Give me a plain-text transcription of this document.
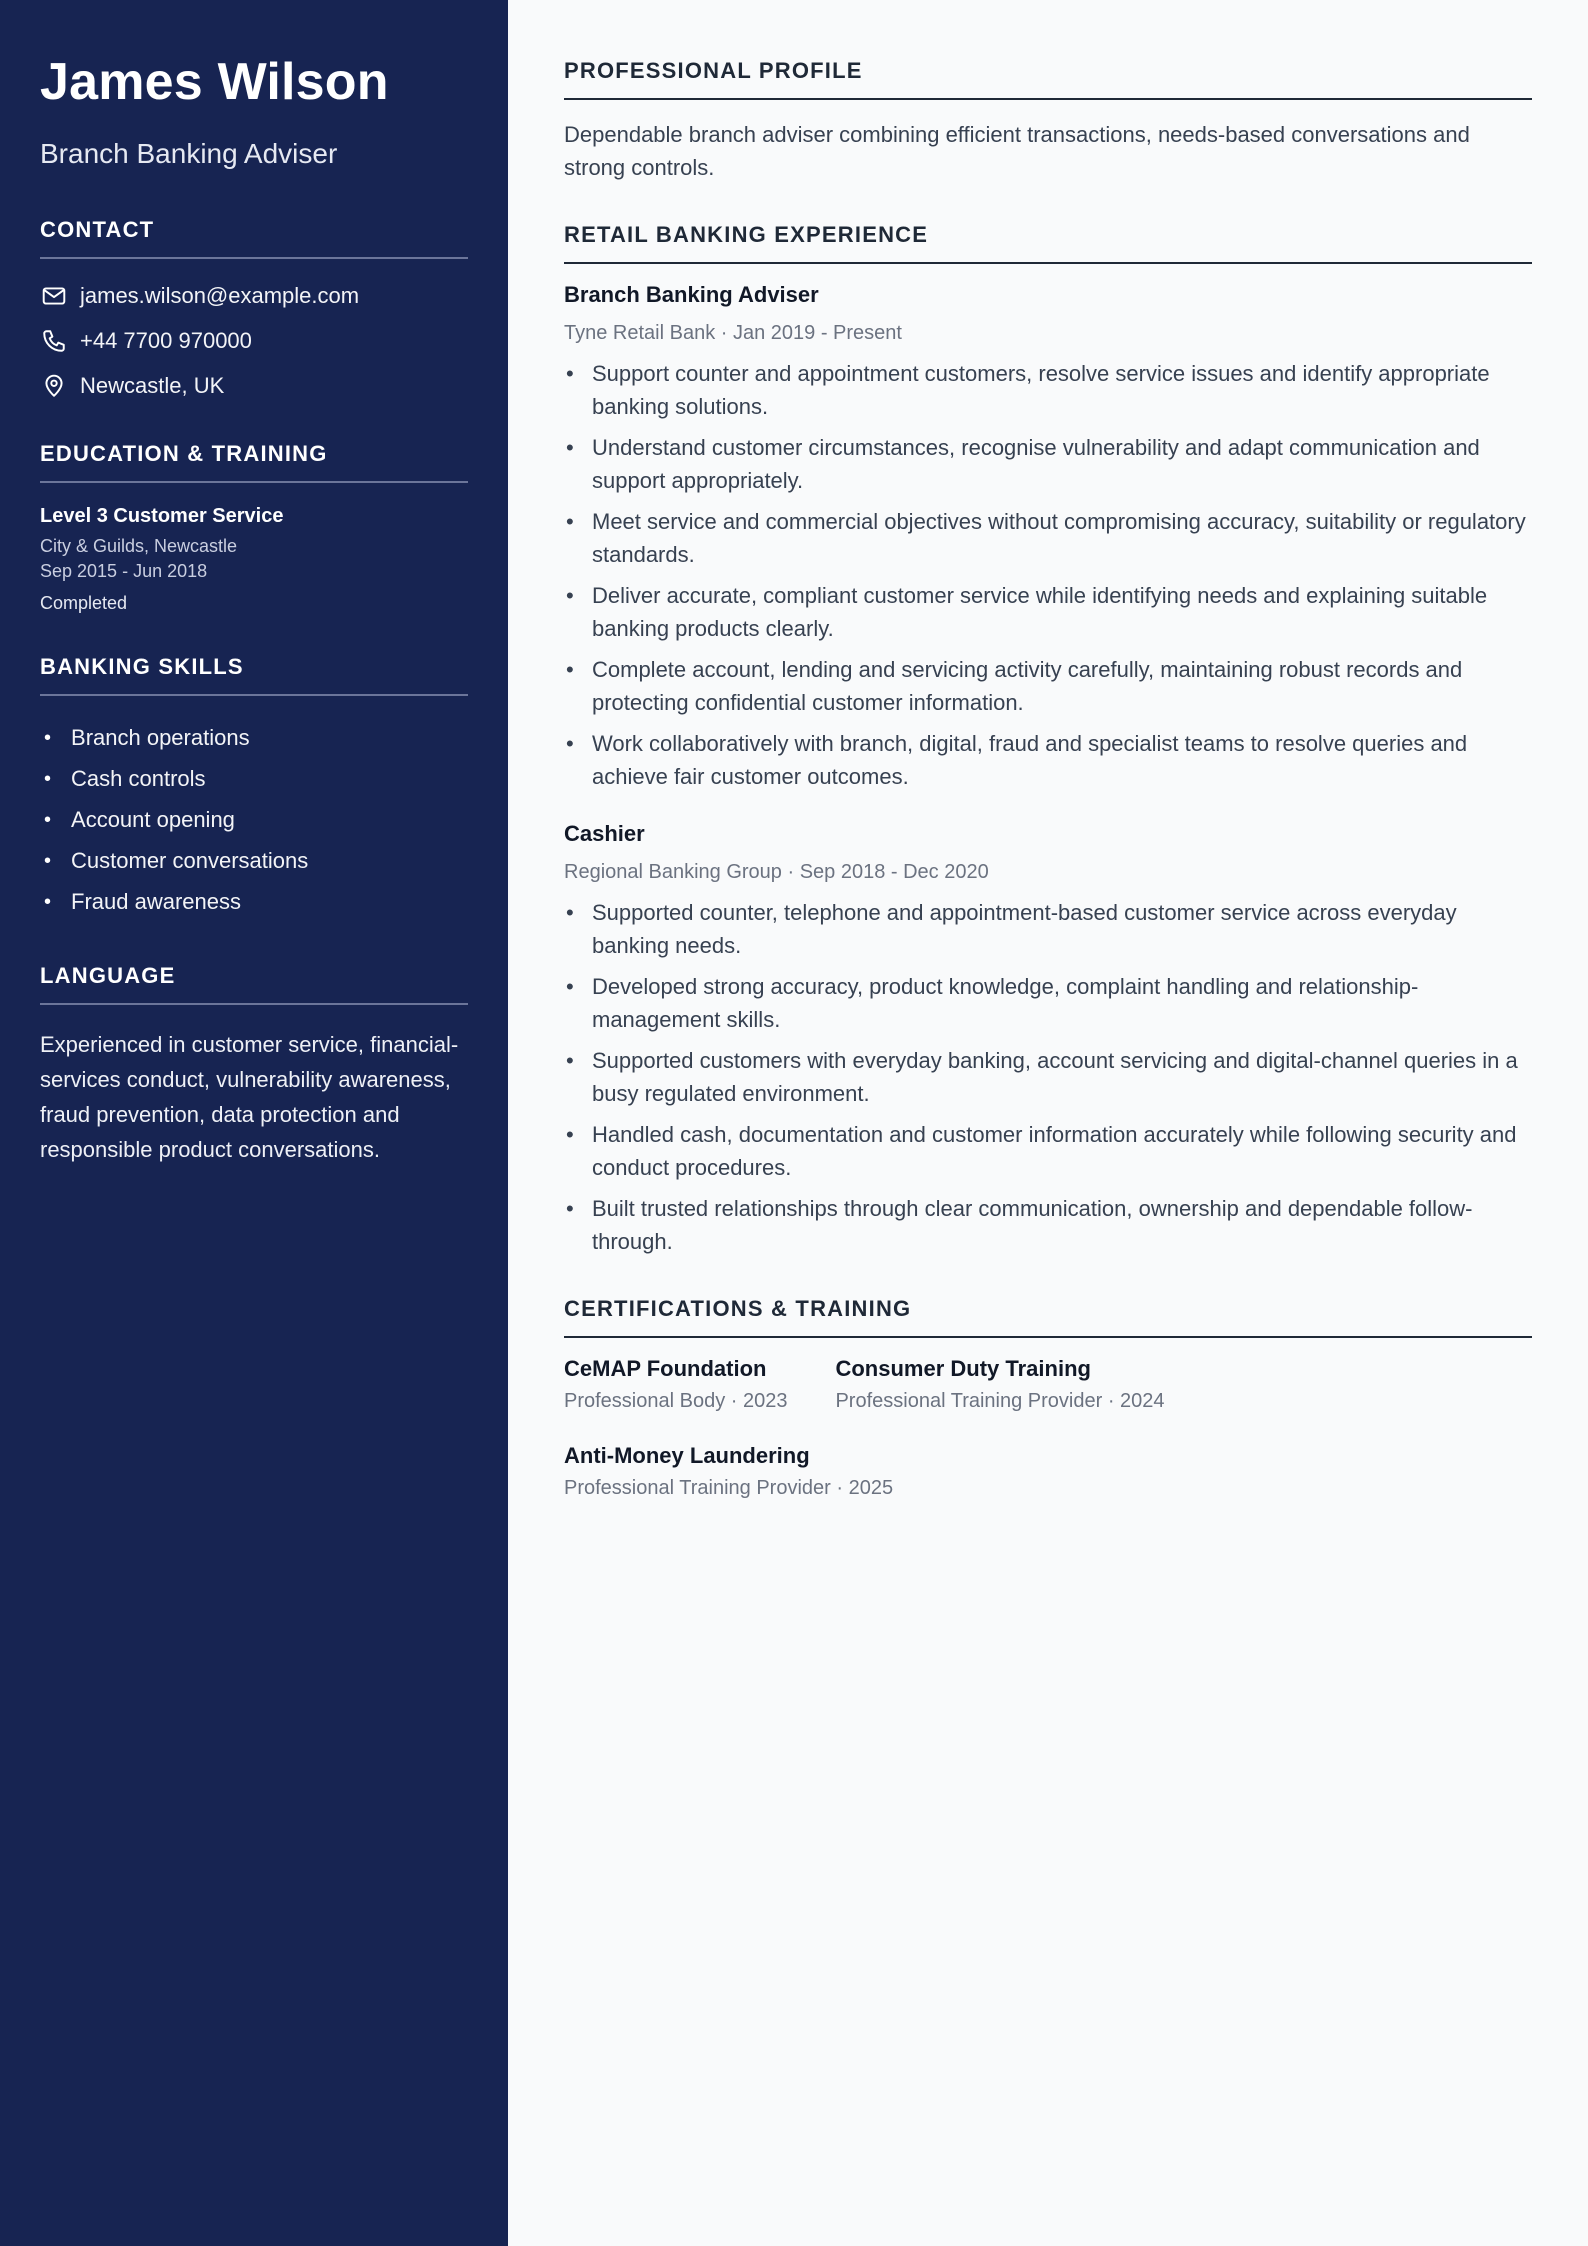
James Wilson
Branch Banking Adviser
CONTACT
james.wilson@example.com
+44 7700 970000
Newcastle, UK
EDUCATION & TRAINING
Level 3 Customer Service
City & Guilds, Newcastle
Sep 2015 - Jun 2018
Completed
BANKING SKILLS
• Branch operations
• Cash controls
• Account opening
• Customer conversations
• Fraud awareness
LANGUAGE

Experienced in customer service, financial-services conduct, vulnerability awareness, fraud prevention, data protection and responsible product conversations.

PROFESSIONAL PROFILE

Dependable branch adviser combining efficient transactions, needs-based conversations and strong controls.

RETAIL BANKING EXPERIENCE
Branch Banking Adviser
Tyne Retail Bank · Jan 2019 - Present
• Support counter and appointment customers, resolve service issues and identify appropriate banking solutions.
• Understand customer circumstances, recognise vulnerability and adapt communication and support appropriately.
• Meet service and commercial objectives without compromising accuracy, suitability or regulatory standards.
• Deliver accurate, compliant customer service while identifying needs and explaining suitable banking products clearly.
• Complete account, lending and servicing activity carefully, maintaining robust records and protecting confidential customer information.
• Work collaboratively with branch, digital, fraud and specialist teams to resolve queries and achieve fair customer outcomes.
Cashier
Regional Banking Group · Sep 2018 - Dec 2020
• Supported counter, telephone and appointment-based customer service across everyday banking needs.
• Developed strong accuracy, product knowledge, complaint handling and relationship-management skills.
• Supported customers with everyday banking, account servicing and digital-channel queries in a busy regulated environment.
• Handled cash, documentation and customer information accurately while following security and conduct procedures.
• Built trusted relationships through clear communication, ownership and dependable follow-through.
CERTIFICATIONS & TRAINING
CeMAP Foundation
Professional Body · 2023
Consumer Duty Training
Professional Training Provider · 2024
Anti-Money Laundering
Professional Training Provider · 2025
